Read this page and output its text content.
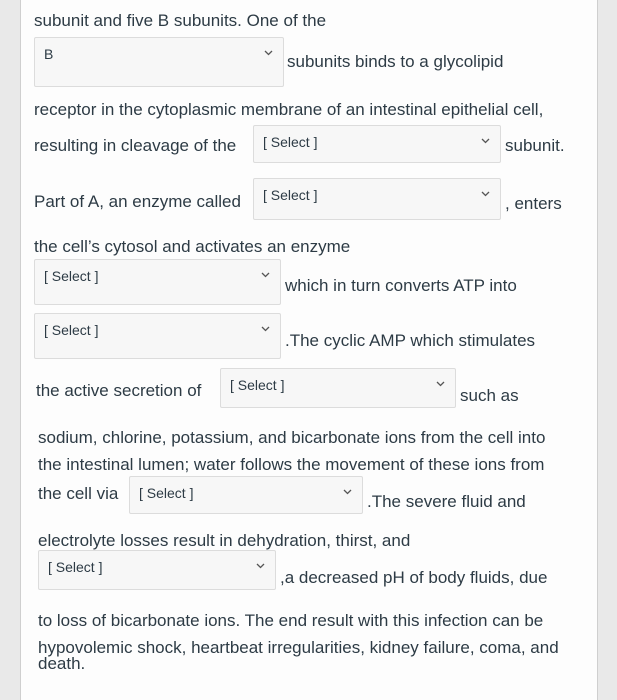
subunit and five B subunits. One of the
B	subunits binds to a glycolipid
receptor in the cytoplasmic membrane of an intestinal epithelial cell,
resulting in cleavage of the [ Select ]	subunit.
Part of A, an enzyme called [ Select ]	, enters
the cell’s cytosol and activates an enzyme
[ Select ]	which in turn converts ATP into
[ Select ]
.The cyclic AMP which stimulates
the active secretion of [ Select ]
such as
sodium, chlorine, potassium, and bicarbonate ions from the cell into
the intestinal lumen; water follows the movement of these ions from
the cell via [ Select ]	.The severe fluid and
electrolyte losses result in dehydration, thirst, and
[ Select ]
,a decreased pH of body fluids, due
to loss of bicarbonate ions. The end result with this infection can be
hypovolemic shock, heartbeat irregularities, kidney failure, coma, and
death.
